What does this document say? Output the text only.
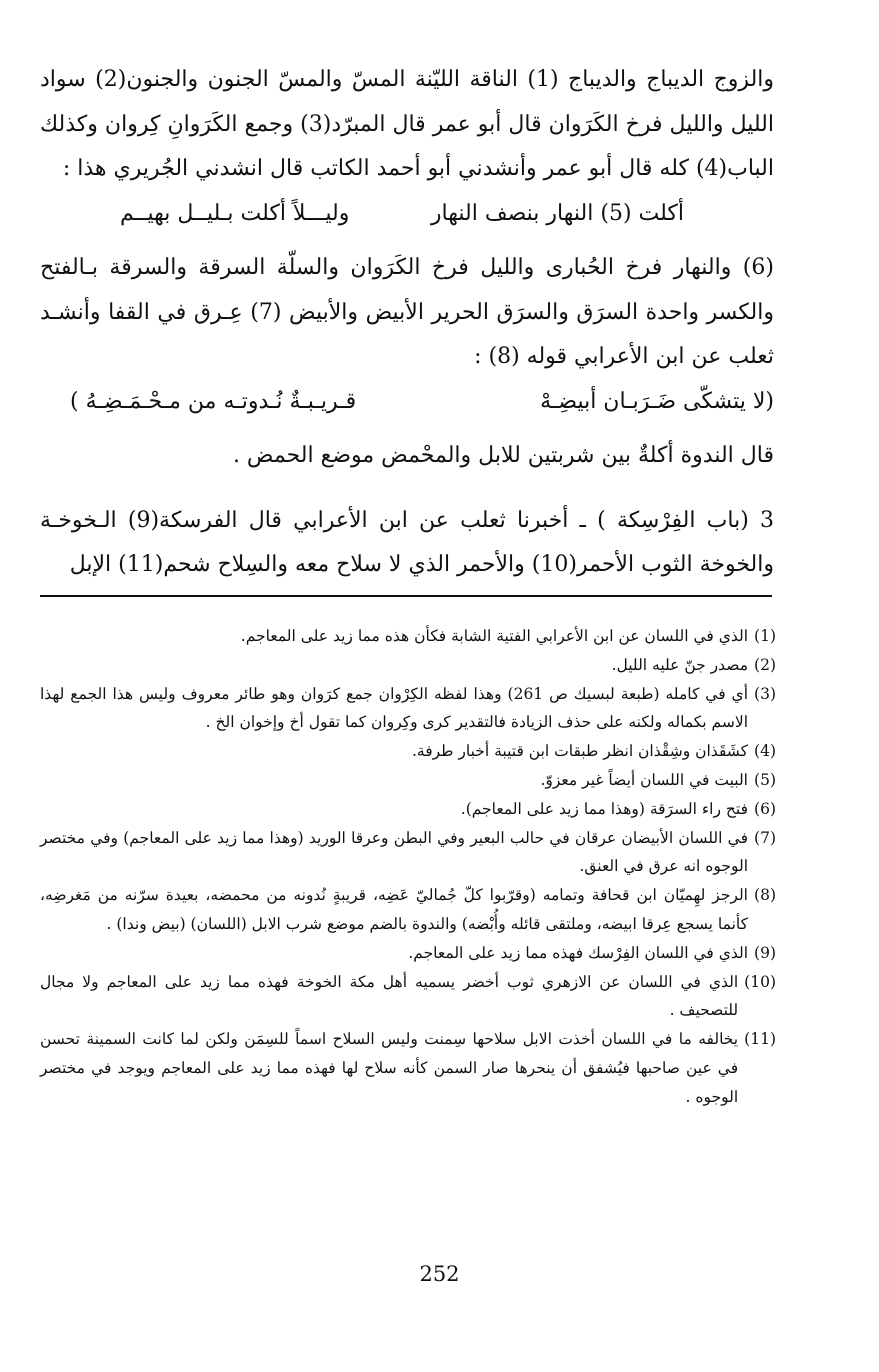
والزوج الديباج والديباج (1) الناقة الليّنة المسّ والمسّ الجنون والجنون(2) سواد الليل والليل فرخ الكَرَوان قال أبو عمر قال المبرّد(3) وجمع الكَرَوانِ كِروان وكذلك الباب(4) كله قال أبو عمر وأنشدني أبو أحمد الكاتب قال انشدني الجُريري هذا :

أكلت (5) النهار بنصف النهار
وليـــلاً أكلت بـليــل بهيــم

(6) والنهار فرخ الحُبارى والليل فرخ الكَرَوان والسلّة السرقة والسرقة بـالفتح والكسر واحدة السرَق والسرَق الحرير الأبيض والأبيض (7) عِـرق في القفا وأنشـد ثعلب عن ابن الأعرابي قوله (8) :

(لا يتشكّى ضَـرَبـان أبيضِـهْ
قـريـبـةٌ نُـدوتـه من مـحْـمَـضِـهُ )

قال الندوة أكلةٌ بين شربتين للابل والمحْمض موضع الحمض .

3 (باب الفِرْسِكة ) ـ أخبرنا ثعلب عن ابن الأعرابي قال الفرسكة(9) الـخوخـة والخوخة الثوب الأحمر(10) والأحمر الذي لا سلاح معه والسِلاح شحم(11) الإبل

(1)
الذي في اللسان عن ابن الأعرابي الفتية الشابة فكأن هذه مما زيد على المعاجم.
(2)
مصدر جنّ عليه الليل.
(3)
أي في كامله (طبعة لبسيك ص 261) وهذا لفظه الكِرْوان جمع كرَوان وهو طائر معروف وليس هذا الجمع لهذا الاسم بكماله ولكنه على حذف الزيادة فالتقدير كرى وكِروان كما تقول أخ وإخوان الخ .
(4)
كشَقَذان وشِقْذان انظر طبقات ابن قتيبة أخبار طرفة.
(5)
البيت في اللسان أيضاً غير معزوّ.
(6)
فتح راء السرَقة (وهذا مما زيد على المعاجم).
(7)
في اللسان الأبيضان عرقان في حالب البعير وفي البطن وعرقا الوريد (وهذا مما زيد على المعاجم) وفي مختصر الوجوه انه عرق في العنق.
(8)
الرجز لهِميّان ابن قحافة وتمامه (وقرّبوا كلّ جُماليّ عَضِه، قريبةٍ نُدونه من محمضه، بعيدة سرّنه من مَغرضِه، كأنما يسجع عِرقا ابيضه، وملتقى قائله وأُبْضه) والندوة بالضم موضع شرب الابل (اللسان) (بيض وندا) .
(9)
الذي في اللسان الفِرْسك فهذه مما زيد على المعاجم.
(10)
الذي في اللسان عن الازهري ثوب أخضر يسميه أهل مكة الخوخة فهذه مما زيد على المعاجم ولا مجال للتصحيف .
(11)
يخالفه ما في اللسان أخذت الابل سلاحها سِمنت وليس السلاح اسماً للسِمَن ولكن لما كانت السمينة تحسن في عين صاحبها فيُشفق أن ينحرها صار السمن كأنه سلاح لها فهذه مما زيد على المعاجم ويوجد في مختصر الوجوه .
252
